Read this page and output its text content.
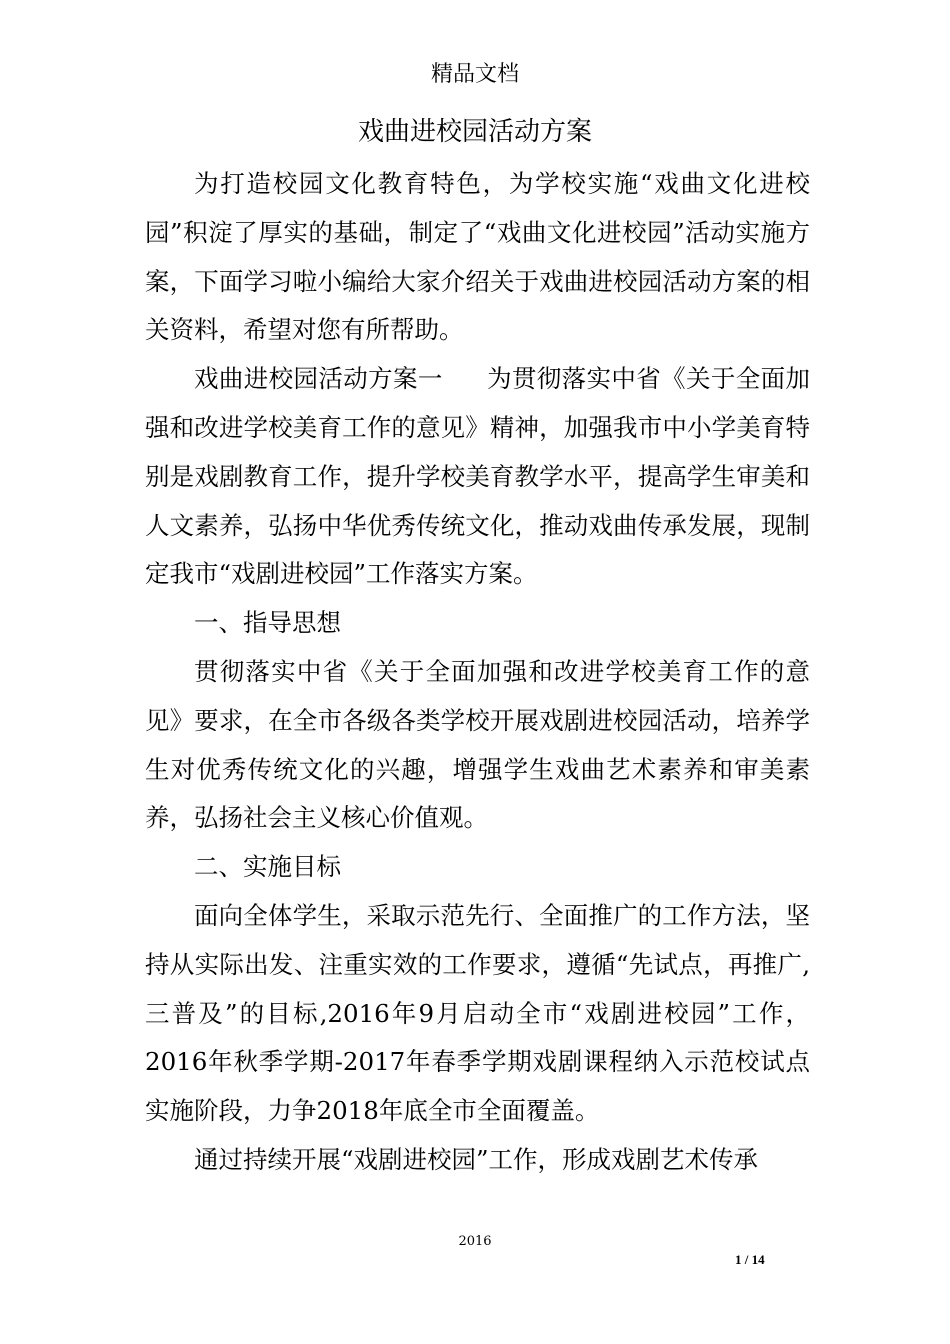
精品文档
戏曲进校园活动方案

为打造校园文化教育特色，为学校实施“戏曲文化进校园”积淀了厚实的基础，制定了“戏曲文化进校园”活动实施方案，下面学习啦小编给大家介绍关于戏曲进校园活动方案的相关资料，希望对您有所帮助。

戏曲进校园活动方案一 为贯彻落实中省《关于全面加强和改进学校美育工作的意见》精神，加强我市中小学美育特别是戏剧教育工作，提升学校美育教学水平，提高学生审美和人文素养，弘扬中华优秀传统文化，推动戏曲传承发展，现制定我市“戏剧进校园”工作落实方案。

一、指导思想

贯彻落实中省《关于全面加强和改进学校美育工作的意见》要求，在全市各级各类学校开展戏剧进校园活动，培养学生对优秀传统文化的兴趣，增强学生戏曲艺术素养和审美素养，弘扬社会主义核心价值观。

二、实施目标

面向全体学生，采取示范先行、全面推广的工作方法，坚持从实际出发、注重实效的工作要求，遵循“先试点，再推广,三普及”的目标,2016年9月启动全市“戏剧进校园”工作，2016年秋季学期-2017年春季学期戏剧课程纳入示范校试点实施阶段，力争2018年底全市全面覆盖。

通过持续开展“戏剧进校园”工作，形成戏剧艺术传承

2016
1 / 14
